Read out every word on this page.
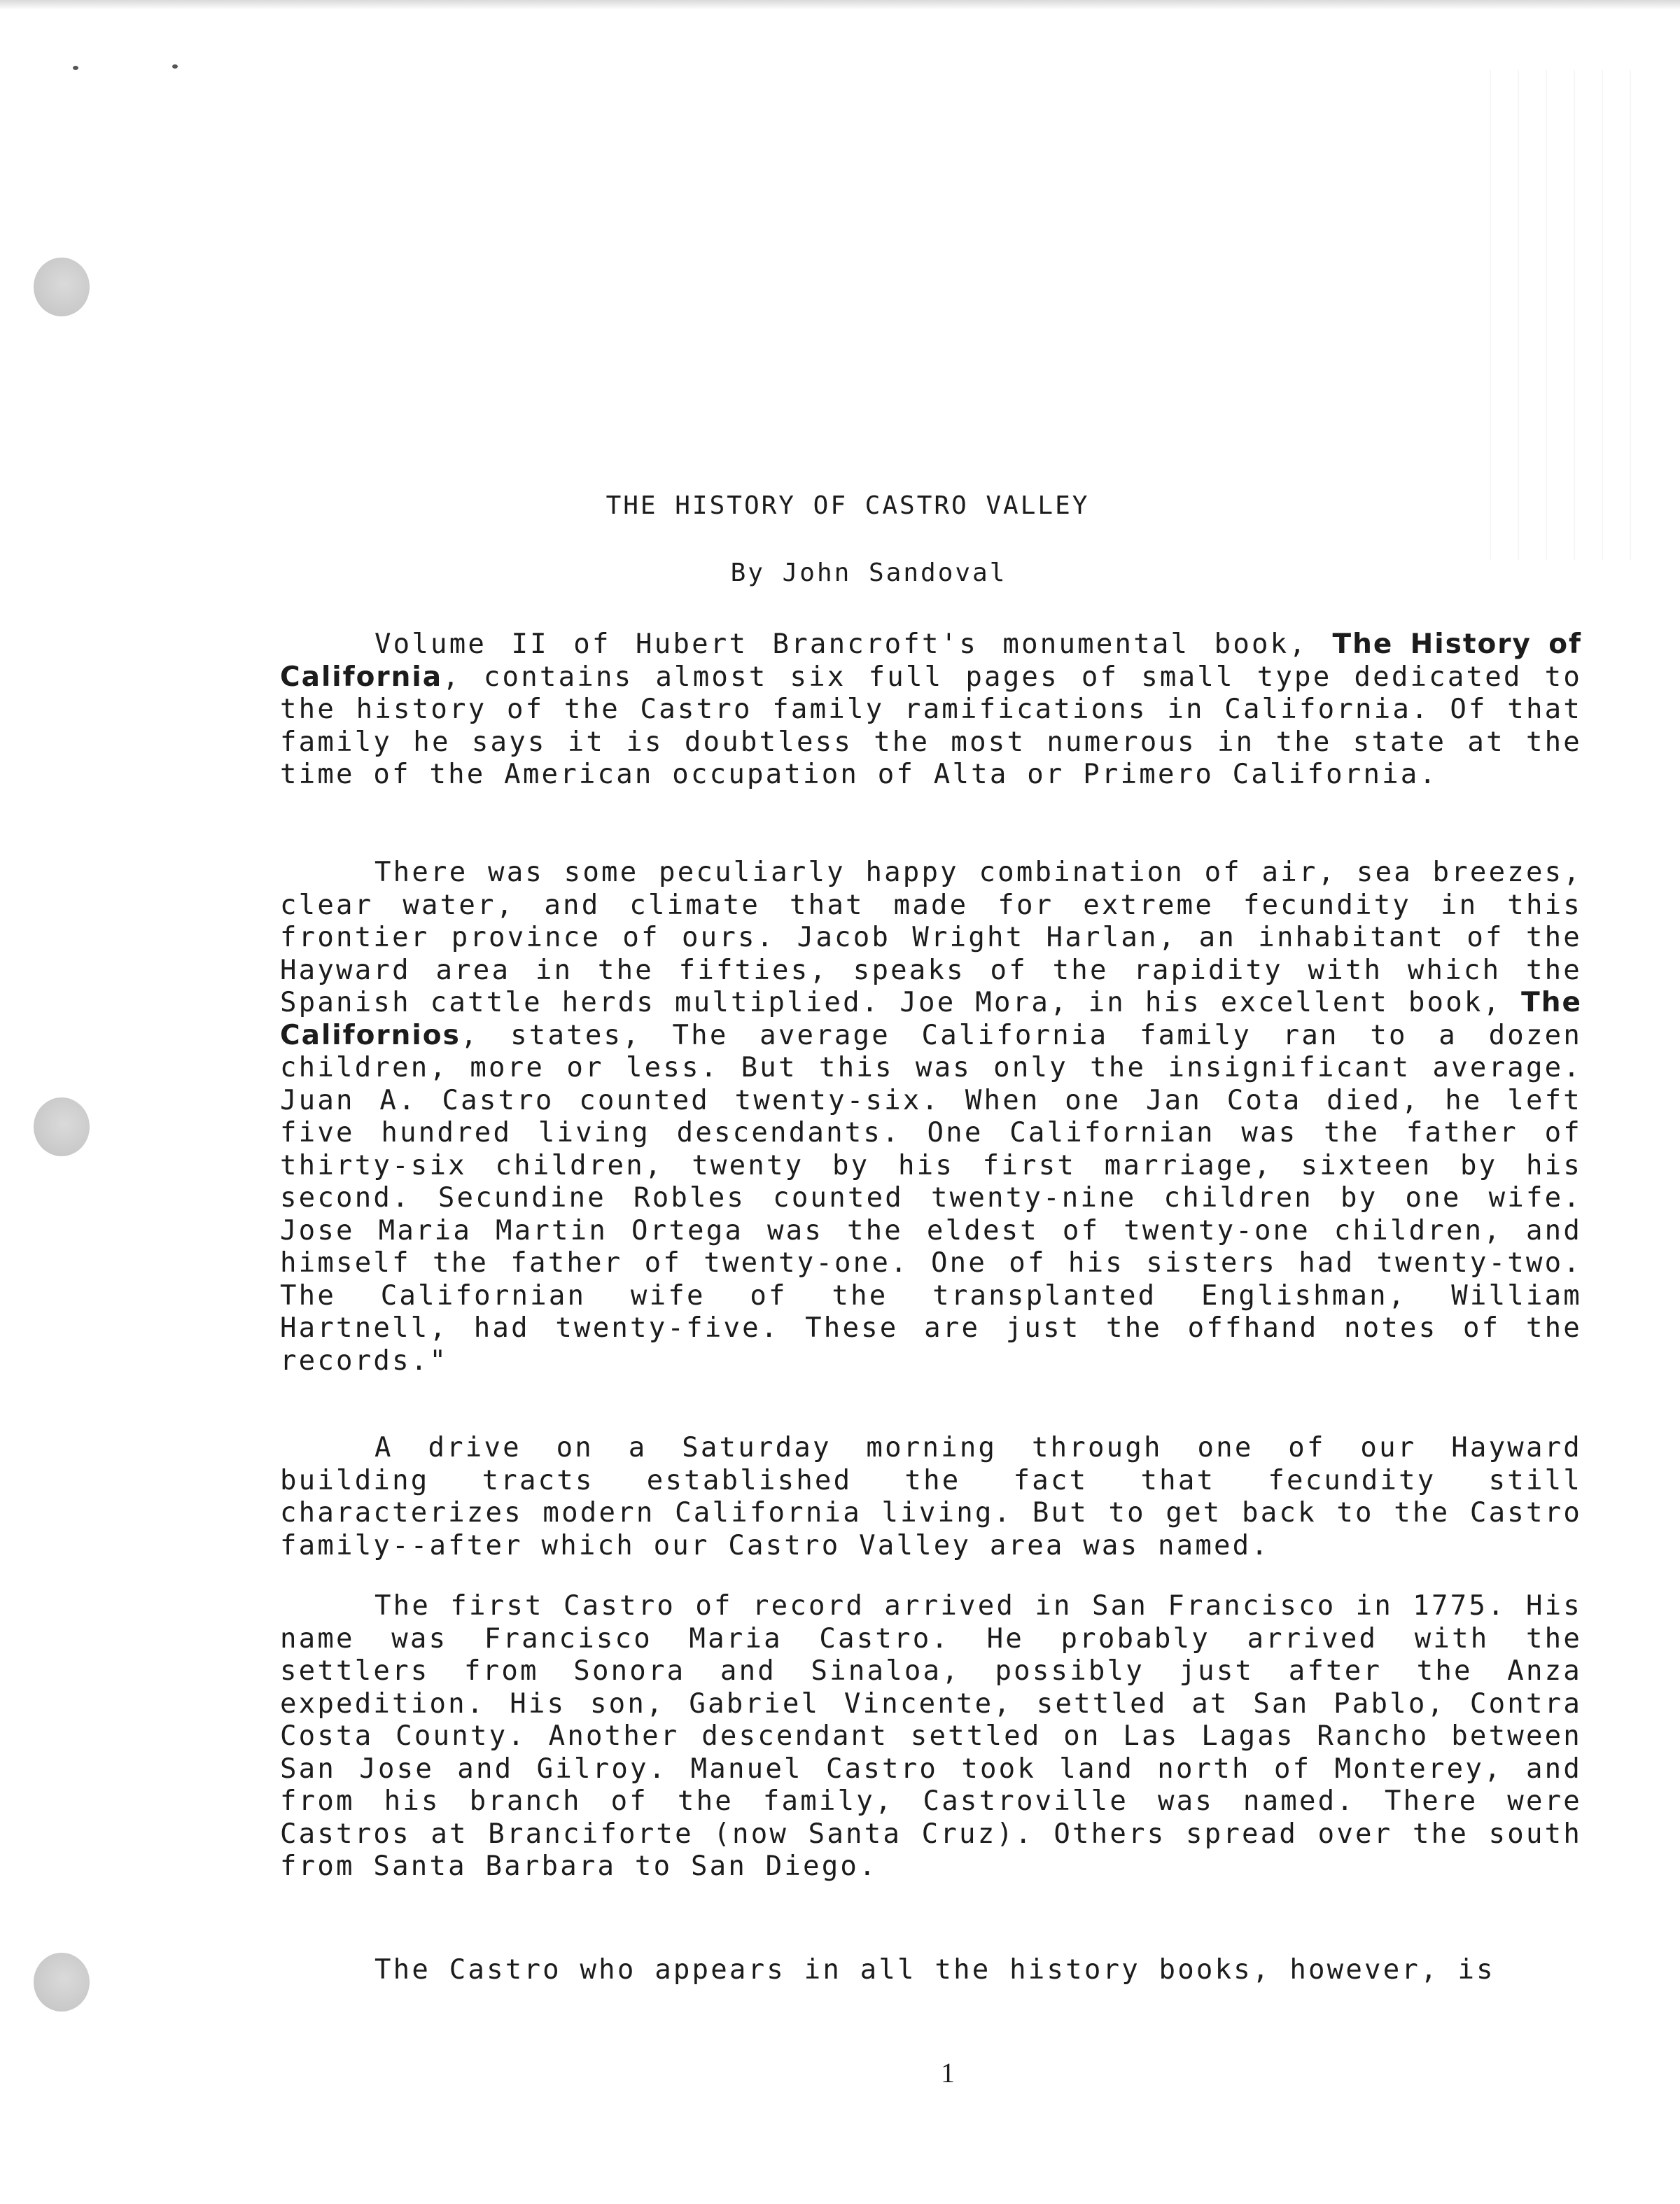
THE HISTORY OF CASTRO VALLEY
By John Sandoval

Volume II of Hubert Brancroft's monumental book, The History of California, contains almost six full pages of small type dedicated to the history of the Castro family ramifications in California. Of that family he says it is doubtless the most numerous in the state at the time of the American occupation of Alta or Primero California.

There was some peculiarly happy combination of air, sea breezes, clear water, and climate that made for extreme fecundity in this frontier province of ours. Jacob Wright Harlan, an inhabitant of the Hayward area in the fifties, speaks of the rapidity with which the Spanish cattle herds multiplied. Joe Mora, in his excellent book, The Californios, states, The average California family ran to a dozen children, more or less. But this was only the insignificant average. Juan A. Castro counted twenty-six. When one Jan Cota died, he left five hundred living descendants. One Californian was the father of thirty-six children, twenty by his first marriage, sixteen by his second. Secundine Robles counted twenty-nine children by one wife. Jose Maria Martin Ortega was the eldest of twenty-one children, and himself the father of twenty-one. One of his sisters had twenty-two. The Californian wife of the transplanted Englishman, William Hartnell, had twenty-five. These are just the offhand notes of the records."

A drive on a Saturday morning through one of our Hayward building tracts established the fact that fecundity still characterizes modern California living. But to get back to the Castro family--after which our Castro Valley area was named.

The first Castro of record arrived in San Francisco in 1775. His name was Francisco Maria Castro. He probably arrived with the settlers from Sonora and Sinaloa, possibly just after the Anza expedition. His son, Gabriel Vincente, settled at San Pablo, Contra Costa County. Another descendant settled on Las Lagas Rancho between San Jose and Gilroy. Manuel Castro took land north of Monterey, and from his branch of the family, Castroville was named. There were Castros at Branciforte (now Santa Cruz). Others spread over the south from Santa Barbara to San Diego.

The Castro who appears in all the history books, however, is

1
